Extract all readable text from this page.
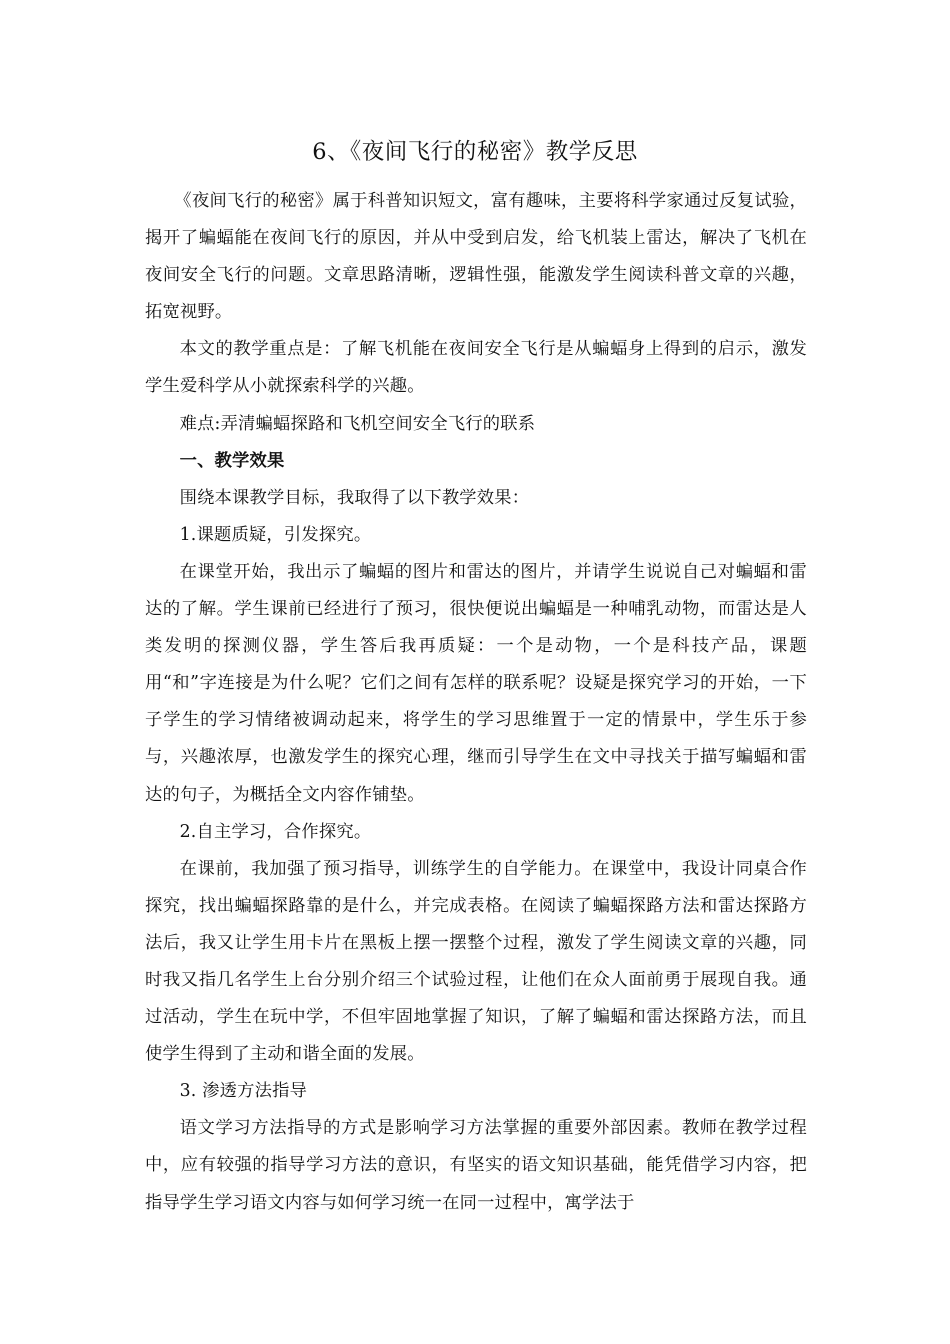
6、《夜间飞行的秘密》教学反思

《夜间飞行的秘密》属于科普知识短文，富有趣味，主要将科学家通过反复试验，揭开了蝙蝠能在夜间飞行的原因，并从中受到启发，给飞机装上雷达，解决了飞机在夜间安全飞行的问题。文章思路清晰，逻辑性强，能激发学生阅读科普文章的兴趣，拓宽视野。

本文的教学重点是：了解飞机能在夜间安全飞行是从蝙蝠身上得到的启示，激发学生爱科学从小就探索科学的兴趣。

难点:弄清蝙蝠探路和飞机空间安全飞行的联系

一、教学效果

围绕本课教学目标，我取得了以下教学效果：

1.课题质疑，引发探究。

在课堂开始，我出示了蝙蝠的图片和雷达的图片，并请学生说说自己对蝙蝠和雷达的了解。学生课前已经进行了预习，很快便说出蝙蝠是一种哺乳动物，而雷达是人类发明的探测仪器，学生答后我再质疑：一个是动物，一个是科技产品，课题用“和”字连接是为什么呢？它们之间有怎样的联系呢？设疑是探究学习的开始，一下子学生的学习情绪被调动起来，将学生的学习思维置于一定的情景中，学生乐于参与，兴趣浓厚，也激发学生的探究心理，继而引导学生在文中寻找关于描写蝙蝠和雷达的句子，为概括全文内容作铺垫。

2.自主学习，合作探究。

在课前，我加强了预习指导，训练学生的自学能力。在课堂中，我设计同桌合作探究，找出蝙蝠探路靠的是什么，并完成表格。在阅读了蝙蝠探路方法和雷达探路方法后，我又让学生用卡片在黑板上摆一摆整个过程，激发了学生阅读文章的兴趣，同时我又指几名学生上台分别介绍三个试验过程，让他们在众人面前勇于展现自我。通过活动，学生在玩中学，不但牢固地掌握了知识，了解了蝙蝠和雷达探路方法，而且使学生得到了主动和谐全面的发展。

3. 渗透方法指导

语文学习方法指导的方式是影响学习方法掌握的重要外部因素。教师在教学过程中，应有较强的指导学习方法的意识，有坚实的语文知识基础，能凭借学习内容，把指导学生学习语文内容与如何学习统一在同一过程中，寓学法于
